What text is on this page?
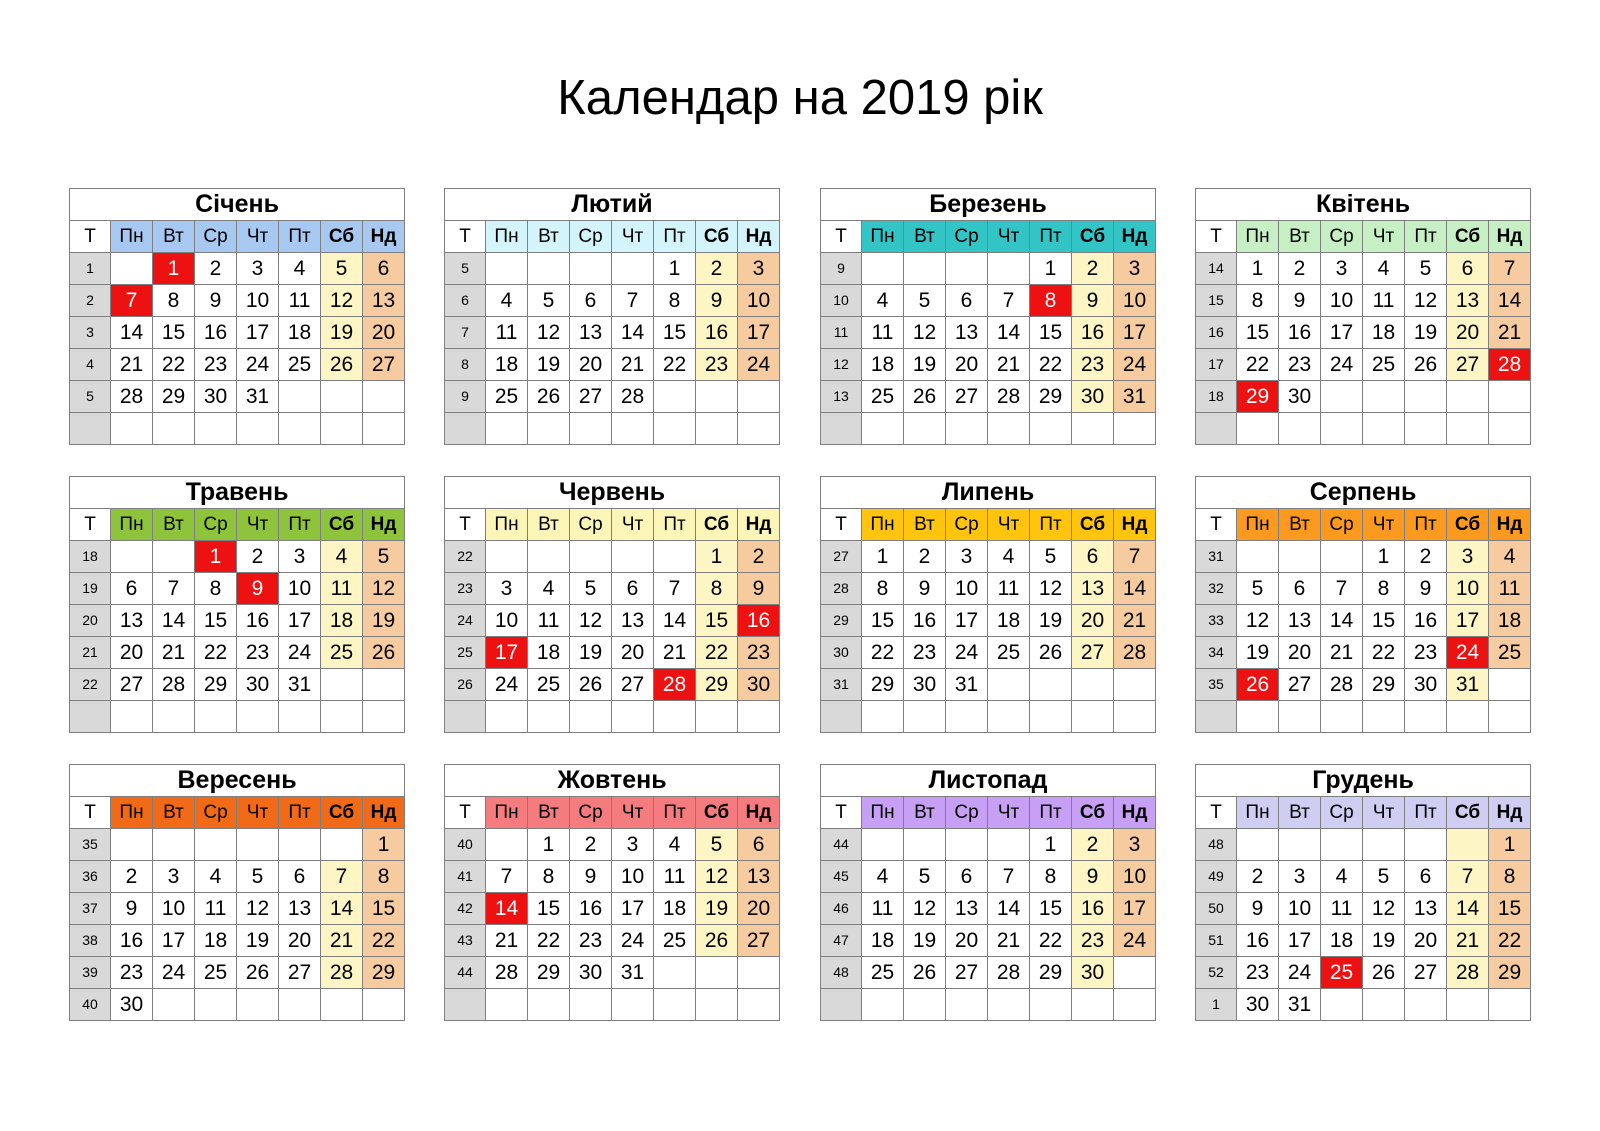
Календар на 2019 рік
Січень							
Т	Пн	Вт	Ср	Чт	Пт	Сб	Нд
1		1	2	3	4	5	6
2	7	8	9	10	11	12	13
3	14	15	16	17	18	19	20
4	21	22	23	24	25	26	27
5	28	29	30	31			

Лютий							
Т	Пн	Вт	Ср	Чт	Пт	Сб	Нд
5					1	2	3
6	4	5	6	7	8	9	10
7	11	12	13	14	15	16	17
8	18	19	20	21	22	23	24
9	25	26	27	28			

Березень							
Т	Пн	Вт	Ср	Чт	Пт	Сб	Нд
9					1	2	3
10	4	5	6	7	8	9	10
11	11	12	13	14	15	16	17
12	18	19	20	21	22	23	24
13	25	26	27	28	29	30	31

Квітень							
Т	Пн	Вт	Ср	Чт	Пт	Сб	Нд
14	1	2	3	4	5	6	7
15	8	9	10	11	12	13	14
16	15	16	17	18	19	20	21
17	22	23	24	25	26	27	28
18	29	30					

Травень							
Т	Пн	Вт	Ср	Чт	Пт	Сб	Нд
18			1	2	3	4	5
19	6	7	8	9	10	11	12
20	13	14	15	16	17	18	19
21	20	21	22	23	24	25	26
22	27	28	29	30	31		

Червень							
Т	Пн	Вт	Ср	Чт	Пт	Сб	Нд
22						1	2
23	3	4	5	6	7	8	9
24	10	11	12	13	14	15	16
25	17	18	19	20	21	22	23
26	24	25	26	27	28	29	30

Липень							
Т	Пн	Вт	Ср	Чт	Пт	Сб	Нд
27	1	2	3	4	5	6	7
28	8	9	10	11	12	13	14
29	15	16	17	18	19	20	21
30	22	23	24	25	26	27	28
31	29	30	31				

Серпень							
Т	Пн	Вт	Ср	Чт	Пт	Сб	Нд
31				1	2	3	4
32	5	6	7	8	9	10	11
33	12	13	14	15	16	17	18
34	19	20	21	22	23	24	25
35	26	27	28	29	30	31	

Вересень							
Т	Пн	Вт	Ср	Чт	Пт	Сб	Нд
35							1
36	2	3	4	5	6	7	8
37	9	10	11	12	13	14	15
38	16	17	18	19	20	21	22
39	23	24	25	26	27	28	29
40	30						
Жовтень							
Т	Пн	Вт	Ср	Чт	Пт	Сб	Нд
40		1	2	3	4	5	6
41	7	8	9	10	11	12	13
42	14	15	16	17	18	19	20
43	21	22	23	24	25	26	27
44	28	29	30	31			

Листопад							
Т	Пн	Вт	Ср	Чт	Пт	Сб	Нд
44					1	2	3
45	4	5	6	7	8	9	10
46	11	12	13	14	15	16	17
47	18	19	20	21	22	23	24
48	25	26	27	28	29	30	

Грудень							
Т	Пн	Вт	Ср	Чт	Пт	Сб	Нд
48							1
49	2	3	4	5	6	7	8
50	9	10	11	12	13	14	15
51	16	17	18	19	20	21	22
52	23	24	25	26	27	28	29
1	30	31					
